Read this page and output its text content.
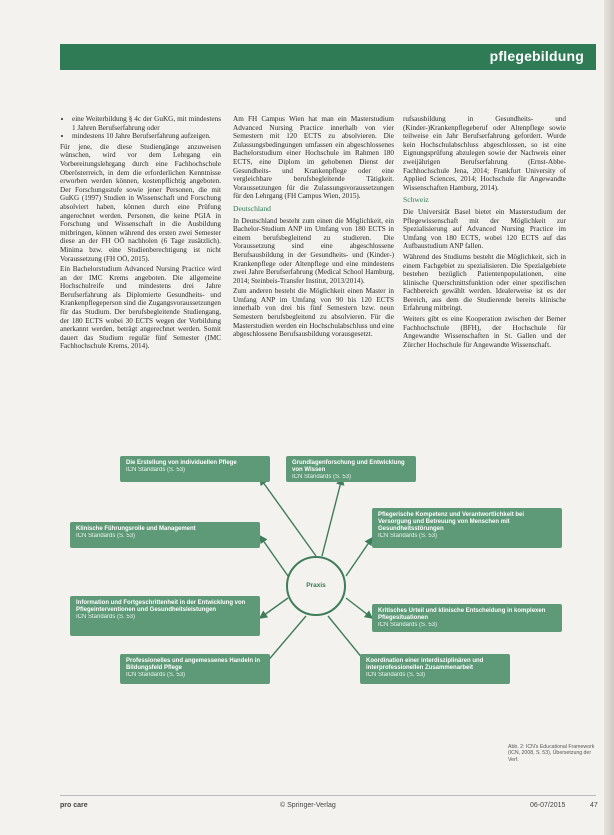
pflegebildung
• eine Weiterbildung § 4c der GuKG, mit mindestens 1 Jahren Berufserfahrung oder
• mindestens 10 Jahre Berufserfahrung aufzeigen.

Für jene, die diese Studiengänge anzuweisen wünschen, wird vor dem Lehrgang ein Vorbereitungslehrgang durch eine Fachhochschule Oberösterreich, in dem die erforderlichen Kenntnisse erworben werden können, kostenpflichtig angeboten. Der Forschungsstufe sowie jener Personen, die mit GuKG (1997) Studien in Wissenschaft und Forschung absolviert haben, können durch eine Prüfung angerechnet werden. Personen, die keine PGIA in Forschung und Wissenschaft in die Ausbildung mitbringen, können während des ersten zwei Semester diese an der FH OÖ nachholen (6 Tage zusätzlich). Minima bzw. eine Studienberechtigung ist nicht Voraussetzung (FH OÖ, 2015).

Ein Bachelorstudium Advanced Nursing Practice wird an der IMC Krems angeboten. Die allgemeine Hochschulreife und mindestens drei Jahre Berufserfahrung als Diplomierte Gesundheits- und Krankenpflegeperson sind die Zugangsvoraussetzungen für das Studium. Der berufsbegleitende Studiengang, der 180 ECTS wobei 30 ECTS wegen der Vorbildung anerkannt werden, beträgt angerechnet werden. Somit dauert das Studium regulär fünf Semester (IMC Fachhochschule Krems, 2014).

Am FH Campus Wien hat man ein Masterstudium Advanced Nursing Practice innerhalb von vier Semestern mit 120 ECTS zu absolvieren. Die Zulassungsbedingungen umfassen ein abgeschlossenes Bachelorstudium einer Hochschule im Rahmen 180 ECTS, eine Diplom im gehobenen Dienst der Gesundheits- und Krankenpflege oder eine vergleichbare berufsbegleitende Tätigkeit. Voraussetzungen für die Zulassungsvoraussetzungen für den Lehrgang (FH Campus Wien, 2015).

Deutschland

In Deutschland besteht zum einen die Möglichkeit, ein Bachelor-Studium ANP im Umfang von 180 ECTS in einem berufsbegleitend zu studieren. Die Voraussetzung sind eine abgeschlossene Berufsausbildung in der Gesundheits- und (Kinder-) Krankenpflege oder Altenpflege und eine mindestens zwei Jahre Berufserfahrung (Medical School Hamburg, 2014; Steinbeis-Transfer Institut, 2013/2014).

Zum anderen besteht die Möglichkeit einen Master in Umfang ANP im Umfang von 90 bis 120 ECTS innerhalb von drei bis fünf Semestern bzw. neun Semestern berufsbegleitend zu absolvieren. Für die Masterstudien werden ein Hochschulabschluss und eine abgeschlossene Berufsausbildung vorausgesetzt.

rufsausbildung in Gesundheits- und (Kinder-)Krankenpflegeberuf oder Altenpflege sowie teilweise ein Jahr Berufserfahrung gefordert. Wurde kein Hochschulabschluss abgeschlossen, so ist eine Eignungsprüfung abzulegen sowie der Nachweis einer zweijährigen Berufserfahrung (Ernst-Abbe-Fachhochschule Jena, 2014; Frankfurt University of Applied Sciences, 2014; Hochschule für Angewandte Wissenschaften Hamburg, 2014).

Schweiz

Die Universität Basel bietet ein Masterstudium der Pflegewissenschaft mit der Möglichkeit zur Spezialisierung auf Advanced Nursing Practice im Umfang von 180 ECTS, wobei 120 ECTS auf das Aufbaustudium ANP fallen.

Während des Studiums besteht die Möglichkeit, sich in einem Fachgebiet zu spezialisieren. Die Spezialgebiete bestehen bezüglich Patientenpopulationen, eine klinische Querschnittsfunktion oder einer spezifischen Fachbereich gewählt werden. Idealerweise ist es der Bereich, aus dem die Studierende bereits klinische Erfahrung mitbringt.

Weiters gibt es eine Kooperation zwischen der Berner Fachhochschule (BFH), der Hochschule für Angewandte Wissenschaften in St. Gallen und der Zürcher Hochschule für Angewandte Wissenschaft.

Die Erstellung von individuellen Pflege
ICN Standards (S. 53)
Grundlagenforschung und Entwicklung von Wissen
ICN Standards (S. 53)
Klinische Führungsrolle und Management
ICN Standards (S. 53)
Pflegerische Kompetenz und Verantwortlichkeit bei Versorgung und Betreuung von Menschen mit Gesundheitsstörungen
ICN Standards (S. 53)
Information und Fortgeschrittenheit in der Entwicklung von Pflegeinterventionen und Gesundheitsleistungen
ICN Standards (S. 53)
Kritisches Urteil und klinische Entscheidung in komplexen Pflegesituationen
ICN Standards (S. 53)
Professionelles und angemessenes Handeln in Bildungsfeld Pflege
ICN Standards (S. 53)
Koordination einer interdisziplinären und interprofessionellen Zusammenarbeit
ICN Standards (S. 53)
Praxis
Abb. 2: ICN's Educational Framework (ICN, 2008, S. 53), Übersetzung der Verf.
pro care	© Springer-Verlag	06-07/2015	47
